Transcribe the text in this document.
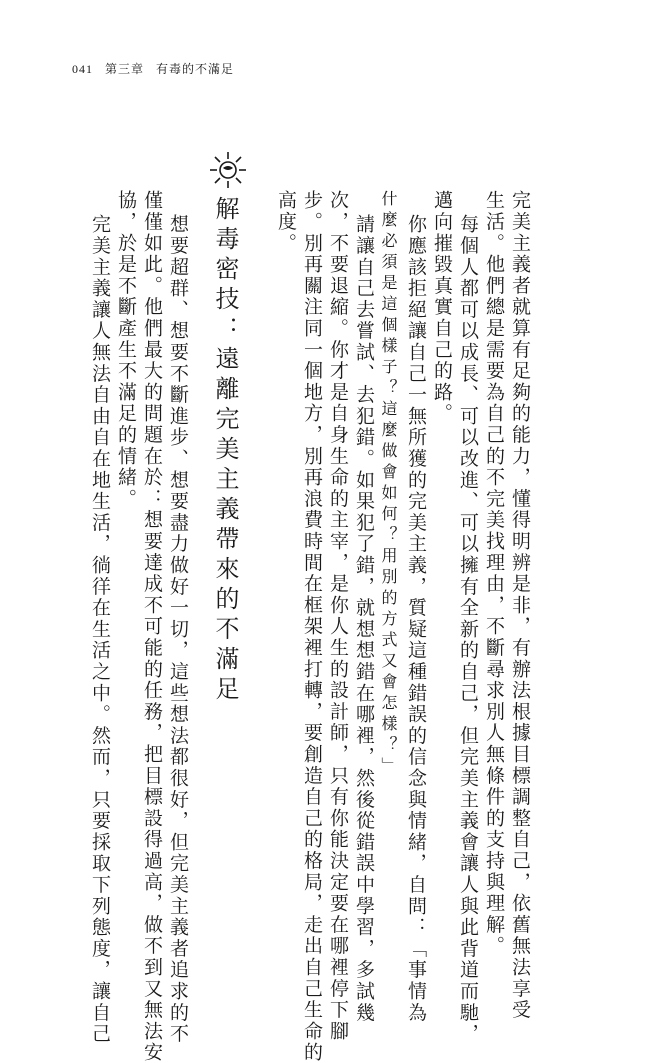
041 第三章 有毒的不滿足
完美主義者就算有足夠的能力，懂得明辨是非，有辦法根據目標調整自己，依舊無法享受
生活。他們總是需要為自己的不完美找理由，不斷尋求別人無條件的支持與理解。
每個人都可以成長、可以改進、可以擁有全新的自己，但完美主義會讓人與此背道而馳，
邁向摧毀真實自己的路。
你應該拒絕讓自己一無所獲的完美主義，質疑這種錯誤的信念與情緒，自問：「事情為
什麼必須是這個樣子？這麼做會如何？用別的方式又會怎樣？」
請讓自己去嘗試、去犯錯。如果犯了錯，就想想錯在哪裡，然後從錯誤中學習，多試幾
次，不要退縮。你才是自身生命的主宰，是你人生的設計師，只有你能決定要在哪裡停下腳
步。別再關注同一個地方，別再浪費時間在框架裡打轉，要創造自己的格局，走出自己生命的
高度。
解毒密技：遠離完美主義帶來的不滿足
想要超群、想要不斷進步、想要盡力做好一切，這些想法都很好，但完美主義者追求的不
僅僅如此。他們最大的問題在於：想要達成不可能的任務，把目標設得過高，做不到又無法安
協，於是不斷產生不滿足的情緒。
完美主義讓人無法自由自在地生活，徜徉在生活之中。然而，只要採取下列態度，讓自己
